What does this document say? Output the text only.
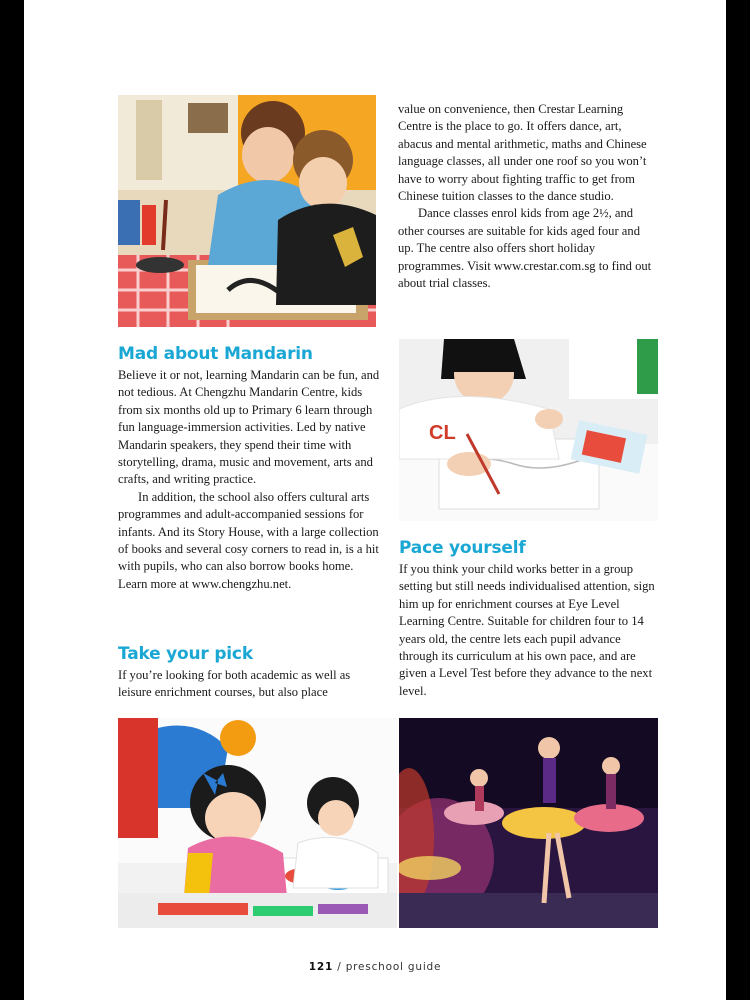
value on convenience, then Crestar Learning Centre is the place to go. It offers dance, art, abacus and mental arithmetic, maths and Chinese language classes, all under one roof so you won’t have to worry about fighting traffic to get from Chinese tuition classes to the dance studio.

Dance classes enrol kids from age 2½, and other courses are suitable for kids aged four and up. The centre also offers short holiday programmes. Visit www.crestar.com.sg to find out about trial classes.

CL
Mad about Mandarin

Believe it or not, learning Mandarin can be fun, and not tedious. At Chengzhu Mandarin Centre, kids from six months old up to Primary 6 learn through fun language-immersion activities. Led by native Mandarin speakers, they spend their time with storytelling, drama, music and movement, arts and crafts, and writing practice.

In addition, the school also offers cultural arts programmes and adult-accompanied sessions for infants. And its Story House, with a large collection of books and several cosy corners to read in, is a hit with pupils, who can also borrow books home. Learn more at www.chengzhu.net.

Take your pick

If you’re looking for both academic as well as leisure enrichment courses, but also place

Pace yourself

If you think your child works better in a group setting but still needs individualised attention, sign him up for enrichment courses at Eye Level Learning Centre. Suitable for children four to 14 years old, the centre lets each pupil advance through its curriculum at his own pace, and are given a Level Test before they advance to the next level.

121 / preschool guide
